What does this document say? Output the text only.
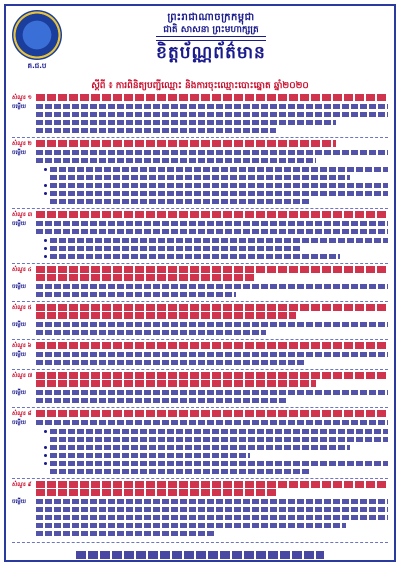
គ.ជ.ប
ព្រះរាជាណាចក្រកម្ពុជា
ជាតិ សាសនា ព្រះមហាក្សត្រ
ខិត្តប័ណ្ណព័ត៌មាន
ស្ដីពី ៖ ការពិនិត្យបញ្ជីឈ្មោះ និងការចុះឈ្មោះបោះឆ្នោត ឆ្នាំ២០២០
សំណួរ ១
ចម្លើយ
សំណួរ ២
ចម្លើយ
សំណួរ ៣
ចម្លើយ
សំណួរ ៤
ចម្លើយ
សំណួរ ៥
ចម្លើយ
សំណួរ ៦
ចម្លើយ
សំណួរ ៧
ចម្លើយ
សំណួរ ៨
ចម្លើយ
សំណួរ ៩
ចម្លើយ
